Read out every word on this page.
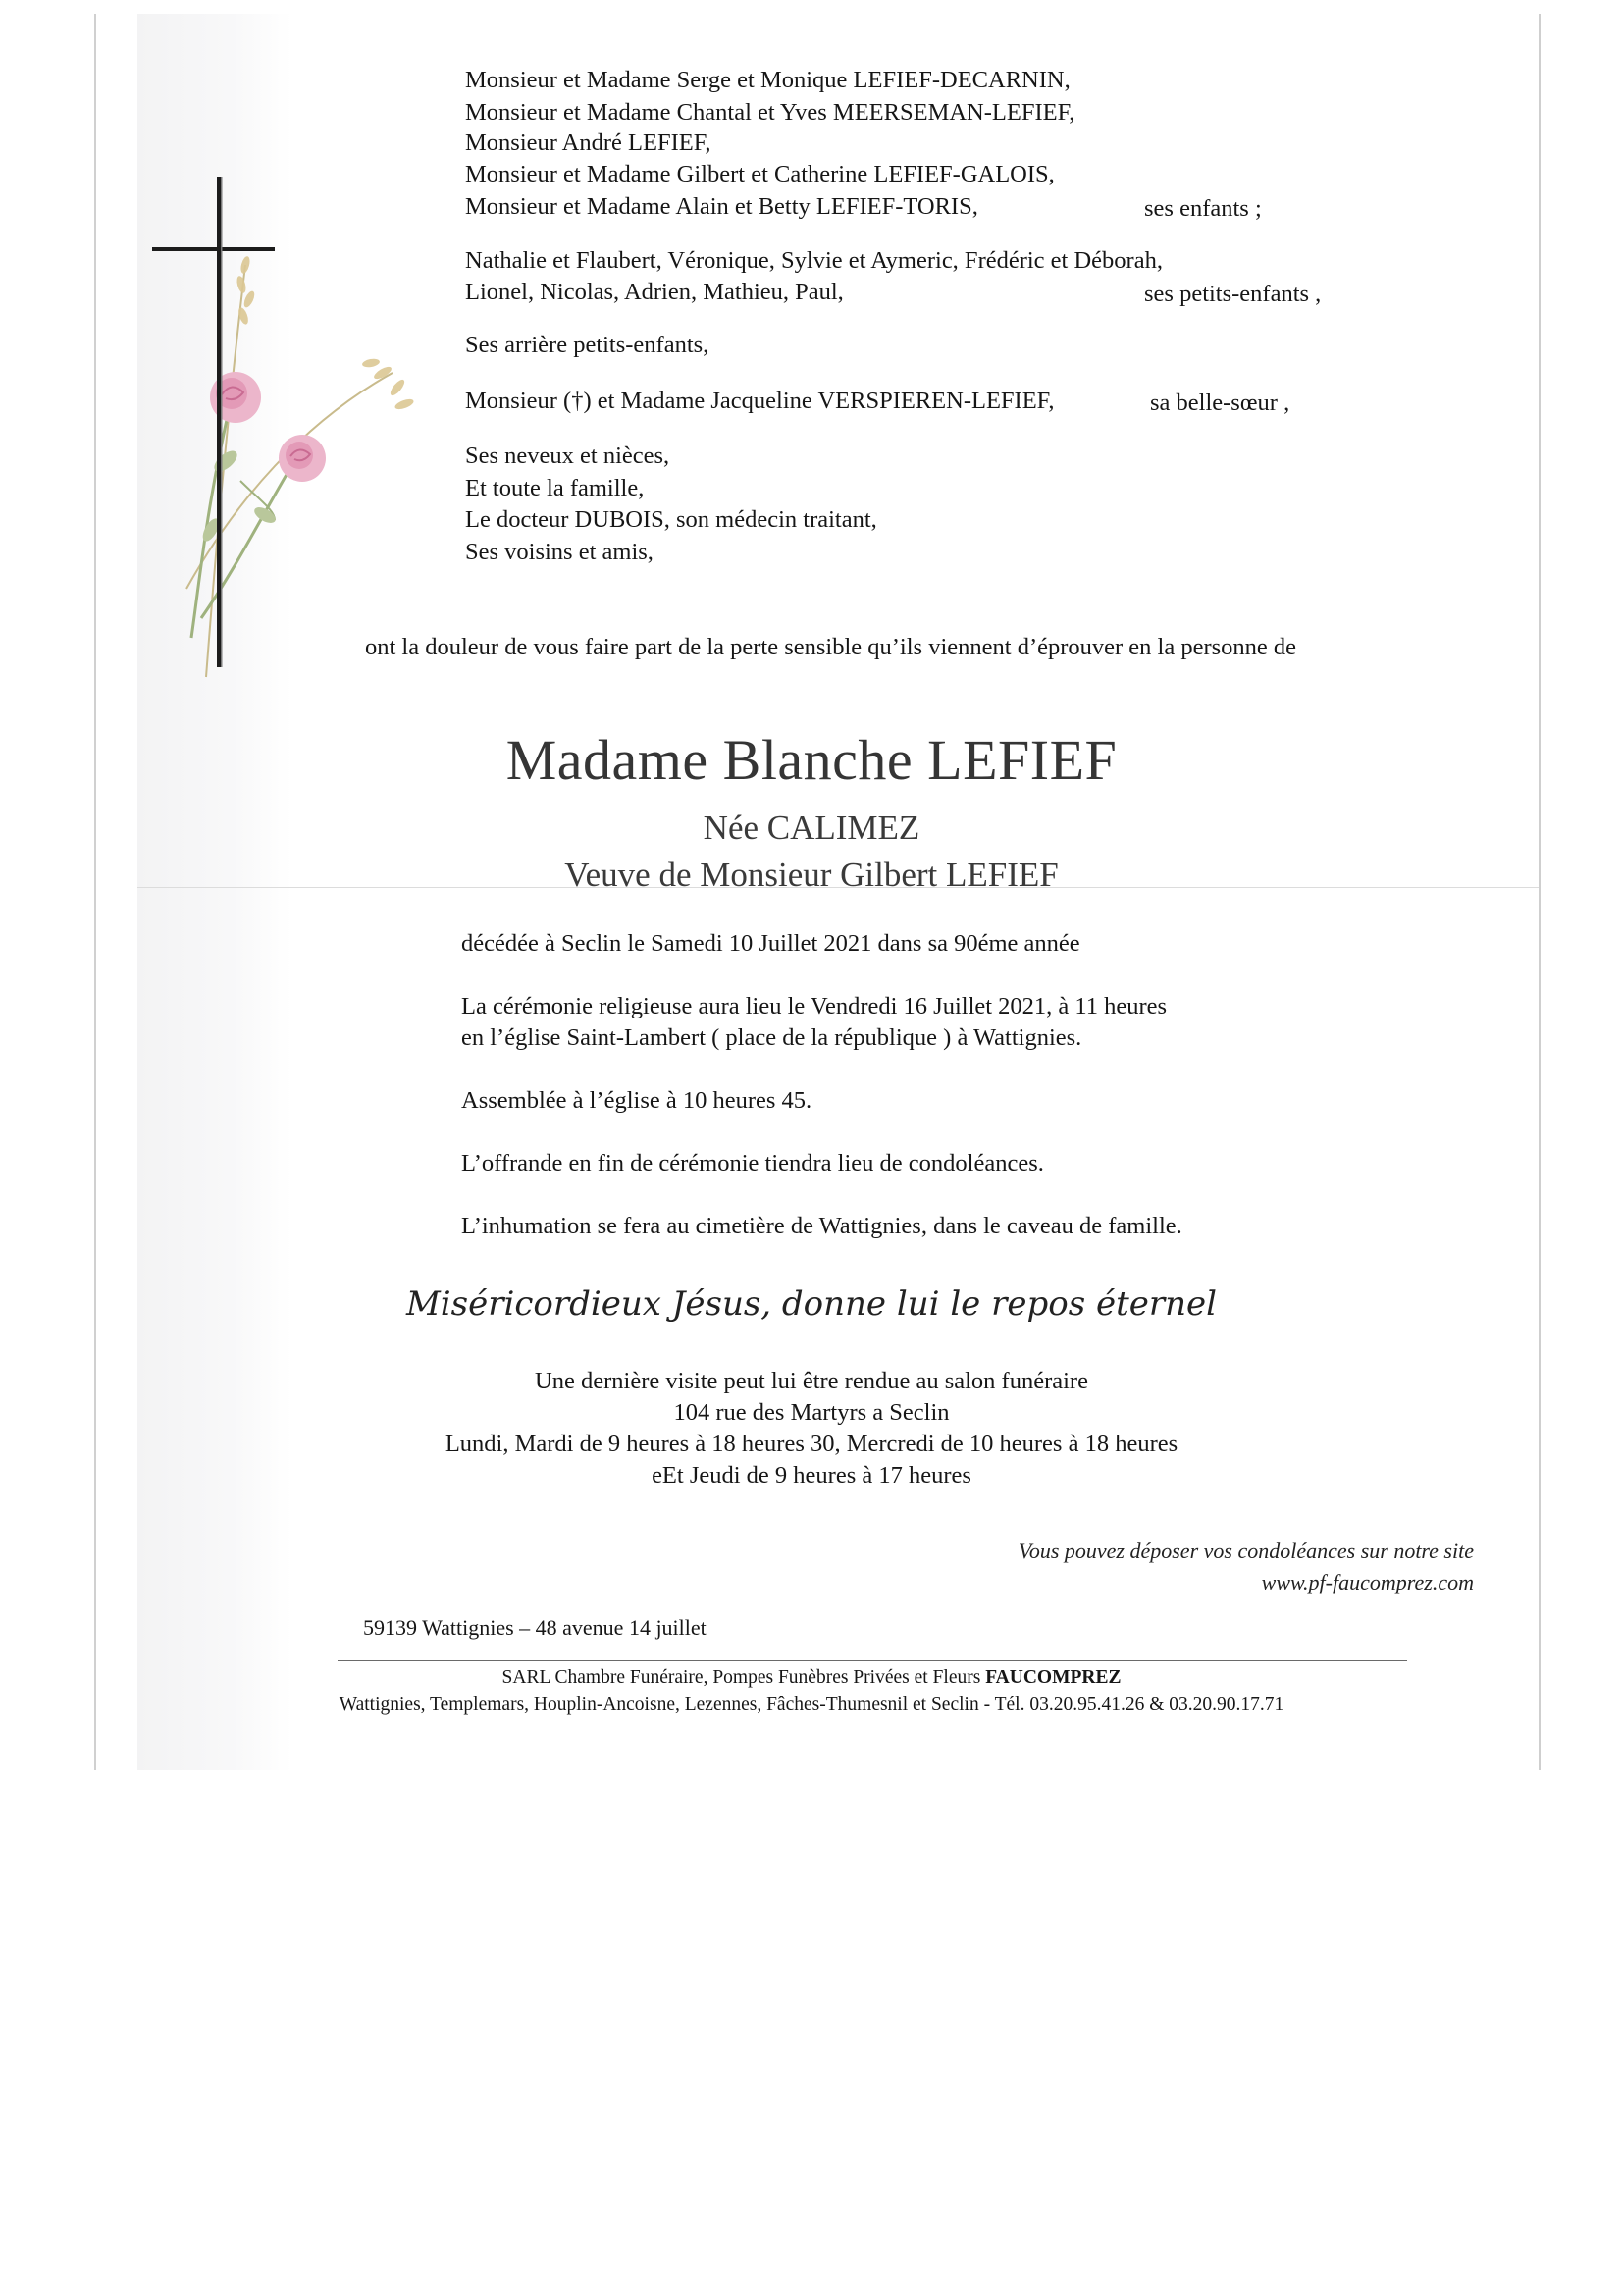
Monsieur et Madame Serge et Monique LEFIEF-DECARNIN,
Monsieur et Madame Chantal et Yves MEERSEMAN-LEFIEF,
Monsieur André LEFIEF,
Monsieur et Madame Gilbert et Catherine LEFIEF-GALOIS,
Monsieur et Madame Alain et Betty LEFIEF-TORIS,	ses enfants ;
Nathalie et Flaubert, Véronique, Sylvie et Aymeric, Frédéric et Déborah,
Lionel, Nicolas, Adrien, Mathieu, Paul,	ses petits-enfants ,
Ses arrière petits-enfants,
Monsieur (†) et Madame Jacqueline VERSPIEREN-LEFIEF,	sa belle-sœur ,
Ses neveux et nièces,
Et toute la famille,
Le docteur DUBOIS, son médecin traitant,
Ses voisins et amis,
ont la douleur de vous faire part de la perte sensible qu’ils viennent d’éprouver en la personne de
Madame Blanche LEFIEF
Née CALIMEZ
Veuve de Monsieur Gilbert LEFIEF
décédée à Seclin le Samedi 10 Juillet 2021 dans sa 90éme année
La cérémonie religieuse aura lieu le Vendredi 16 Juillet 2021, à 11 heures
en l’église Saint-Lambert ( place de la république ) à Wattignies.
Assemblée à l’église à 10 heures 45.
L’offrande en fin de cérémonie tiendra lieu de condoléances.
L’inhumation se fera au cimetière de Wattignies, dans le caveau de famille.
Miséricordieux Jésus, donne lui le repos éternel
Une dernière visite peut lui être rendue au salon funéraire
104 rue des Martyrs a Seclin
Lundi, Mardi de 9 heures à 18 heures 30, Mercredi de 10 heures à 18 heures
eEt Jeudi de 9 heures à 17 heures
Vous pouvez déposer vos condoléances sur notre site
www.pf-faucomprez.com
59139 Wattignies – 48 avenue 14 juillet
SARL Chambre Funéraire, Pompes Funèbres Privées et Fleurs FAUCOMPREZ
Wattignies, Templemars, Houplin-Ancoisne, Lezennes, Fâches-Thumesnil et Seclin - Tél. 03.20.95.41.26 & 03.20.90.17.71
